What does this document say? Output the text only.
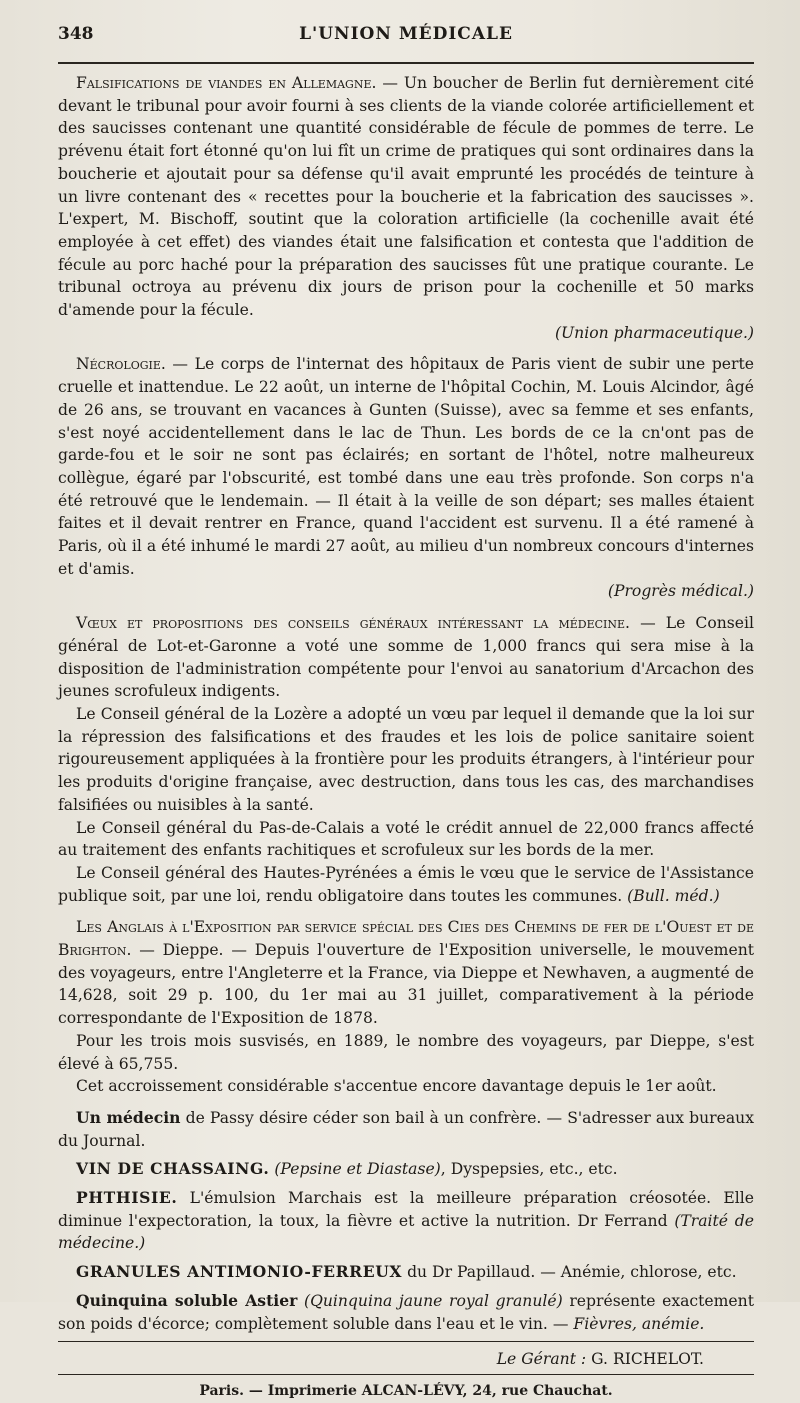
348	L'UNION MÉDICALE

Falsifications de viandes en Allemagne. — Un boucher de Berlin fut dernièrement cité devant le tribunal pour avoir fourni à ses clients de la viande colorée artificiellement et des saucisses contenant une quantité considérable de fécule de pommes de terre. Le prévenu était fort étonné qu'on lui fît un crime de pratiques qui sont ordinaires dans la boucherie et ajoutait pour sa défense qu'il avait emprunté les procédés de teinture à un livre contenant des « recettes pour la boucherie et la fabrication des saucisses ». L'expert, M. Bischoff, soutint que la coloration artificielle (la cochenille avait été employée à cet effet) des viandes était une falsification et contesta que l'addition de fécule au porc haché pour la préparation des saucisses fût une pratique courante. Le tribunal octroya au prévenu dix jours de prison pour la cochenille et 50 marks d'amende pour la fécule.

(Union pharmaceutique.)

Nécrologie. — Le corps de l'internat des hôpitaux de Paris vient de subir une perte cruelle et inattendue. Le 22 août, un interne de l'hôpital Cochin, M. Louis Alcindor, âgé de 26 ans, se trouvant en vacances à Gunten (Suisse), avec sa femme et ses enfants, s'est noyé accidentellement dans le lac de Thun. Les bords de ce la cn'ont pas de garde-fou et le soir ne sont pas éclairés; en sortant de l'hôtel, notre malheureux collègue, égaré par l'obscurité, est tombé dans une eau très profonde. Son corps n'a été retrouvé que le lendemain. — Il était à la veille de son départ; ses malles étaient faites et il devait rentrer en France, quand l'accident est survenu. Il a été ramené à Paris, où il a été inhumé le mardi 27 août, au milieu d'un nombreux concours d'internes et d'amis.

(Progrès médical.)

Vœux et propositions des conseils généraux intéressant la médecine. — Le Conseil général de Lot-et-Garonne a voté une somme de 1,000 francs qui sera mise à la disposition de l'administration compétente pour l'envoi au sanatorium d'Arcachon des jeunes scrofuleux indigents.

Le Conseil général de la Lozère a adopté un vœu par lequel il demande que la loi sur la répression des falsifications et des fraudes et les lois de police sanitaire soient rigoureusement appliquées à la frontière pour les produits étrangers, à l'intérieur pour les produits d'origine française, avec destruction, dans tous les cas, des marchandises falsifiées ou nuisibles à la santé.

Le Conseil général du Pas-de-Calais a voté le crédit annuel de 22,000 francs affecté au traitement des enfants rachitiques et scrofuleux sur les bords de la mer.

Le Conseil général des Hautes-Pyrénées a émis le vœu que le service de l'Assistance publique soit, par une loi, rendu obligatoire dans toutes les communes. (Bull. méd.)

Les Anglais à l'Exposition par service spécial des Cies des Chemins de fer de l'Ouest et de Brighton. — Dieppe. — Depuis l'ouverture de l'Exposition universelle, le mouvement des voyageurs, entre l'Angleterre et la France, via Dieppe et Newhaven, a augmenté de 14,628, soit 29 p. 100, du 1er mai au 31 juillet, comparativement à la période correspondante de l'Exposition de 1878.

Pour les trois mois susvisés, en 1889, le nombre des voyageurs, par Dieppe, s'est élevé à 65,755.

Cet accroissement considérable s'accentue encore davantage depuis le 1er août.

Un médecin de Passy désire céder son bail à un confrère. — S'adresser aux bureaux du Journal.

VIN DE CHASSAING. (Pepsine et Diastase), Dyspepsies, etc., etc.

PHTHISIE. L'émulsion Marchais est la meilleure préparation créosotée. Elle diminue l'expectoration, la toux, la fièvre et active la nutrition. Dr Ferrand (Traité de médecine.)

GRANULES ANTIMONIO-FERREUX du Dr Papillaud. — Anémie, chlorose, etc.

Quinquina soluble Astier (Quinquina jaune royal granulé) représente exactement son poids d'écorce; complètement soluble dans l'eau et le vin. — Fièvres, anémie.

Le Gérant : G. RICHELOT.
Paris. — Imprimerie ALCAN-LÉVY, 24, rue Chauchat.
